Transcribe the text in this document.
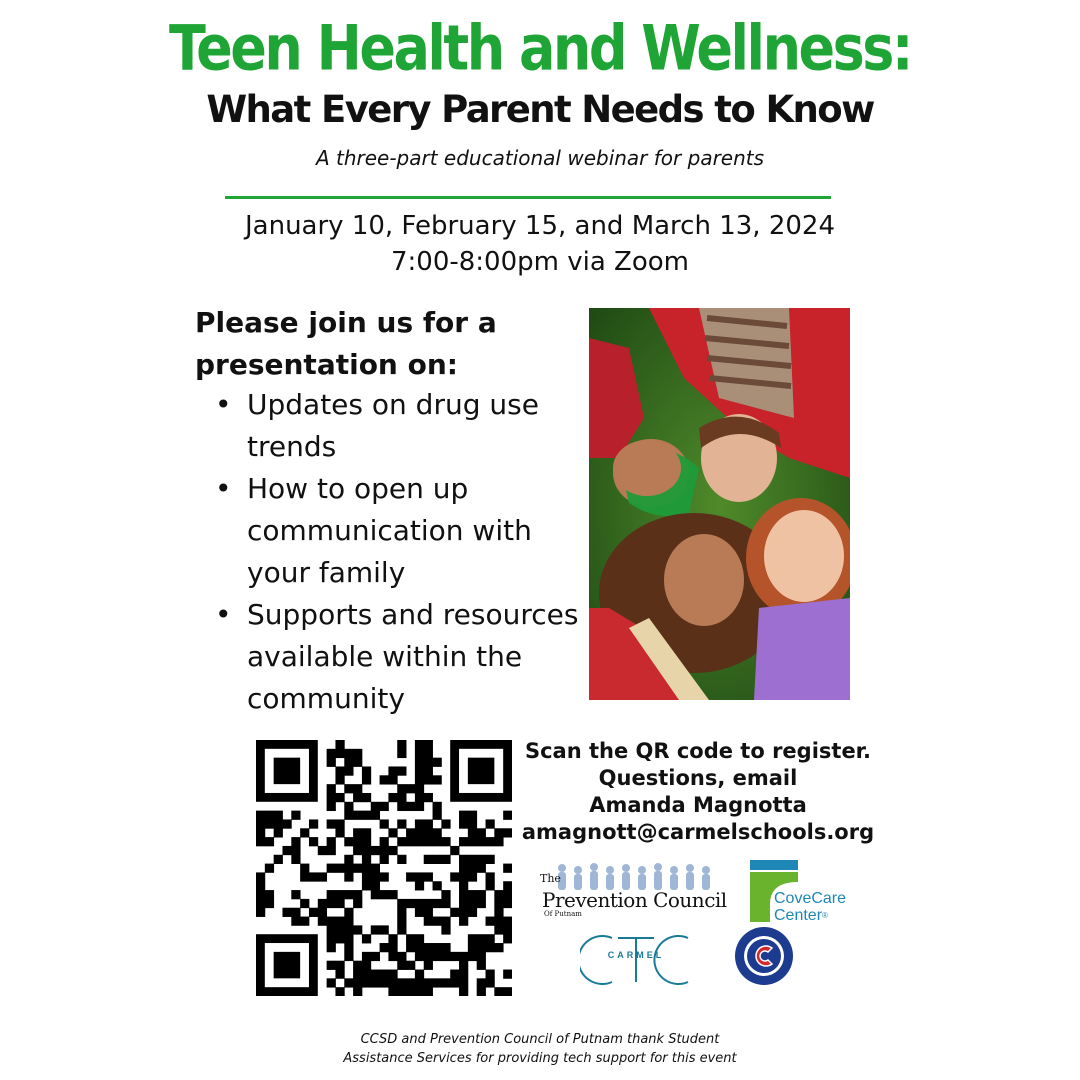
Teen Health and Wellness:
What Every Parent Needs to Know
A three-part educational webinar for parents
January 10, February 15, and March 13, 2024
7:00-8:00pm via Zoom
Please join us for a presentation on:
• Updates on drug use trends
• How to open up communication with your family
• Supports and resources available within the community
Scan the QR code to register.
Questions, email
Amanda Magnotta
amagnott@carmelschools.org
The
Prevention Council
Of Putnam
CoveCare
Center®
CARMEL
CCSD and Prevention Council of Putnam thank Student
Assistance Services for providing tech support for this event
